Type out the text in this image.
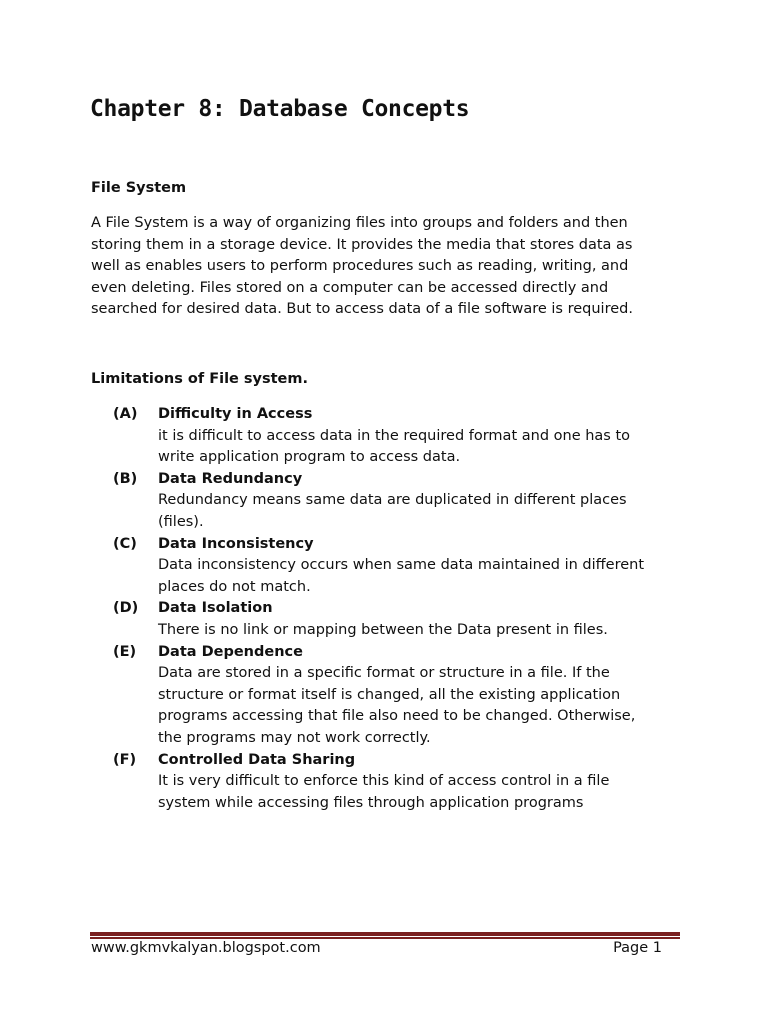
Chapter 8: Database Concepts
File System

A File System is a way of organizing files into groups and folders and then
storing them in a storage device. It provides the media that stores data as
well as enables users to perform procedures such as reading, writing, and
even deleting. Files stored on a computer can be accessed directly and
searched for desired data. But to access data of a file software is required.

Limitations of File system.
(A) Difficulty in Access
it is difficult to access data in the required format and one has to
write application program to access data.
(B) Data Redundancy
Redundancy means same data are duplicated in different places
(files).
(C) Data Inconsistency
Data inconsistency occurs when same data maintained in different
places do not match.
(D) Data Isolation
There is no link or mapping between the Data present in files.
(E) Data Dependence
Data are stored in a specific format or structure in a file. If the
structure or format itself is changed, all the existing application
programs accessing that file also need to be changed. Otherwise,
the programs may not work correctly.
(F) Controlled Data Sharing
It is very difficult to enforce this kind of access control in a file
system while accessing files through application programs
www.gkmvkalyan.blogspot.com	Page 1
